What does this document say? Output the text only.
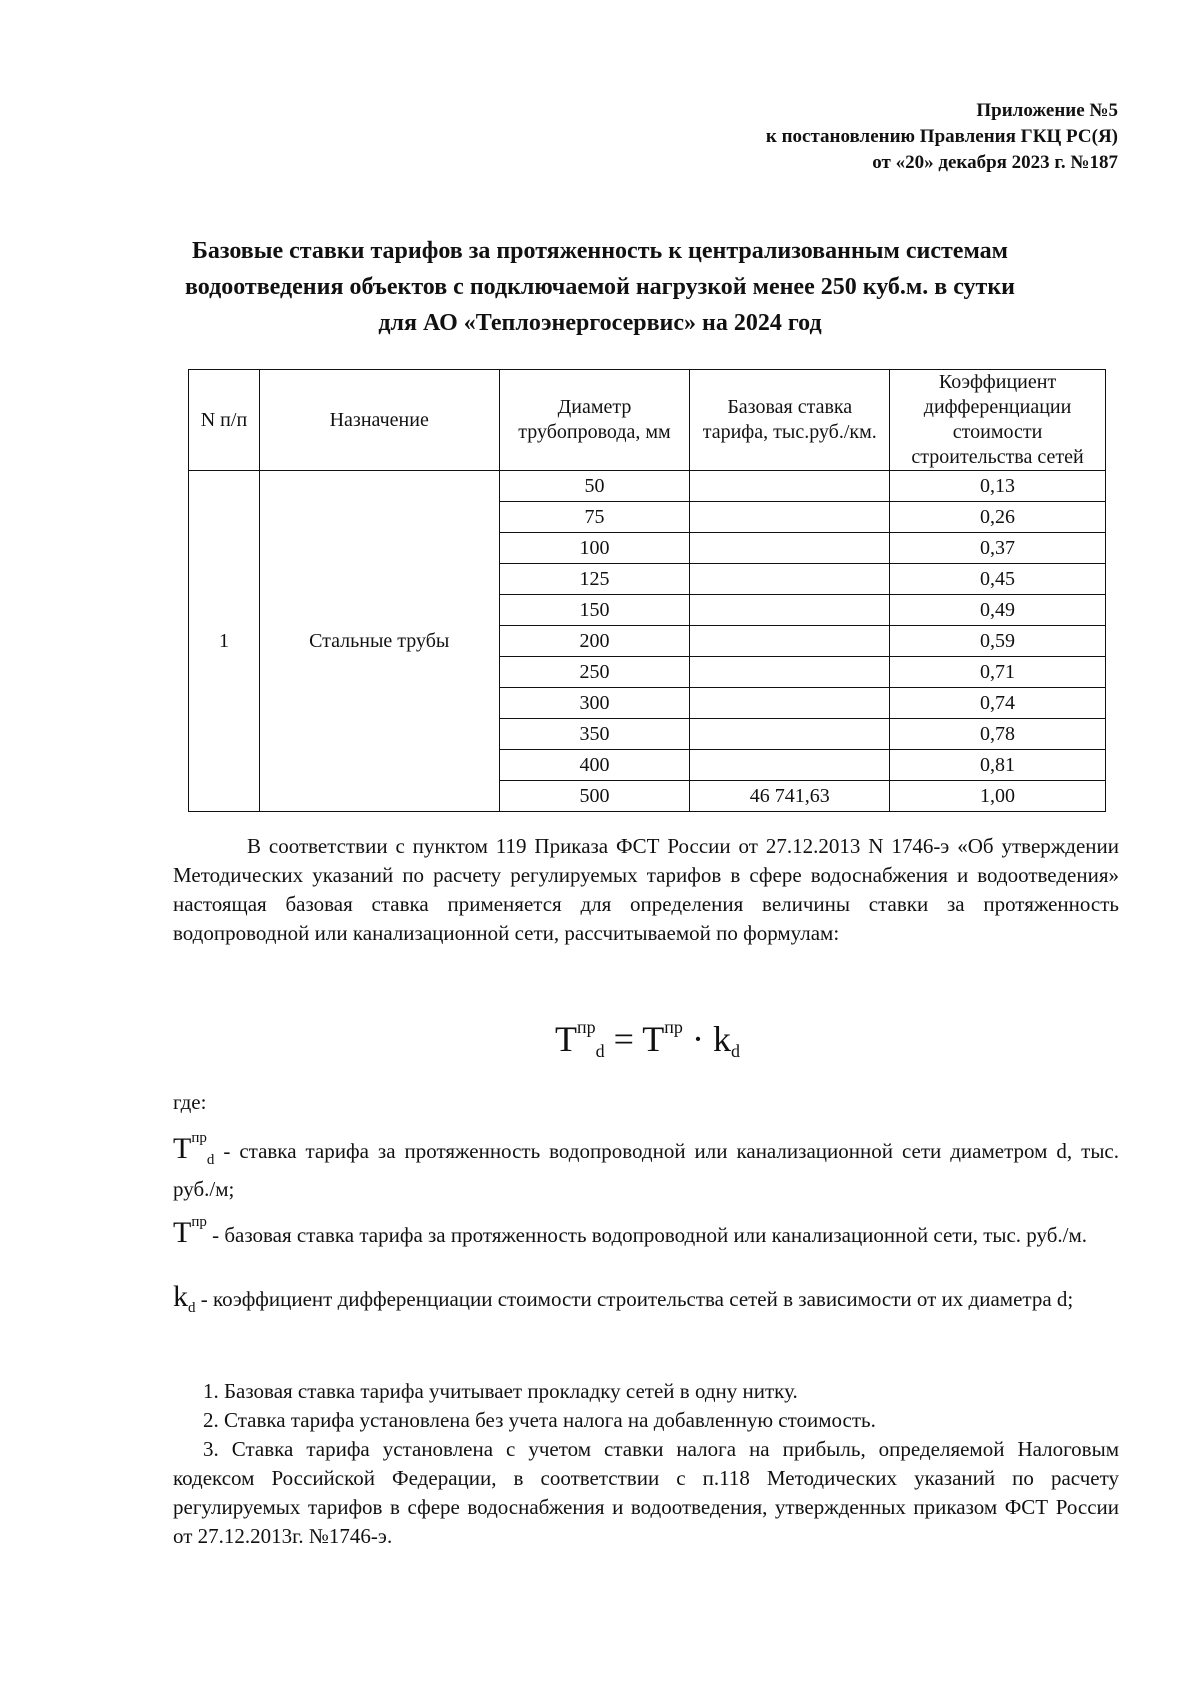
Приложение №5
к постановлению Правления ГКЦ РС(Я)
от «20» декабря 2023 г. №187
Базовые ставки тарифов за протяженность к централизованным системам
водоотведения объектов с подключаемой нагрузкой менее 250 куб.м. в сутки
для АО «Теплоэнергосервис» на 2024 год
N п/п	Назначение	Диаметр трубопровода, мм	Базовая ставка тарифа, тыс.руб./км.	Коэффициент дифференциации стоимости строительства сетей
1	Стальные трубы	50		0,13
		75		0,26
		100		0,37
		125		0,45
		150		0,49
		200		0,59
		250		0,71
		300		0,74
		350		0,78
		400		0,81
		500	46 741,63	1,00
В соответствии с пунктом 119 Приказа ФСТ России от 27.12.2013 N 1746-э «Об утверждении Методических указаний по расчету регулируемых тарифов в сфере водоснабжения и водоотведения» настоящая базовая ставка применяется для определения величины ставки за протяженность водопроводной или канализационной сети, рассчитываемой по формулам:
$T^{пр}_d = T^{пр} \cdot k_d$
где:
$T^{пр}_d$ - ставка тарифа за протяженность водопроводной или канализационной сети диаметром d, тыс. руб./м;
$T^{пр}$ - базовая ставка тарифа за протяженность водопроводной или канализационной сети, тыс. руб./м.
$k_d$ - коэффициент дифференциации стоимости строительства сетей в зависимости от их диаметра d;
1. Базовая ставка тарифа учитывает прокладку сетей в одну нитку.
2. Ставка тарифа установлена без учета налога на добавленную стоимость.
3. Ставка тарифа установлена с учетом ставки налога на прибыль, определяемой Налоговым кодексом Российской Федерации, в соответствии с п.118 Методических указаний по расчету регулируемых тарифов в сфере водоснабжения и водоотведения, утвержденных приказом ФСТ России от 27.12.2013г. №1746-э.
